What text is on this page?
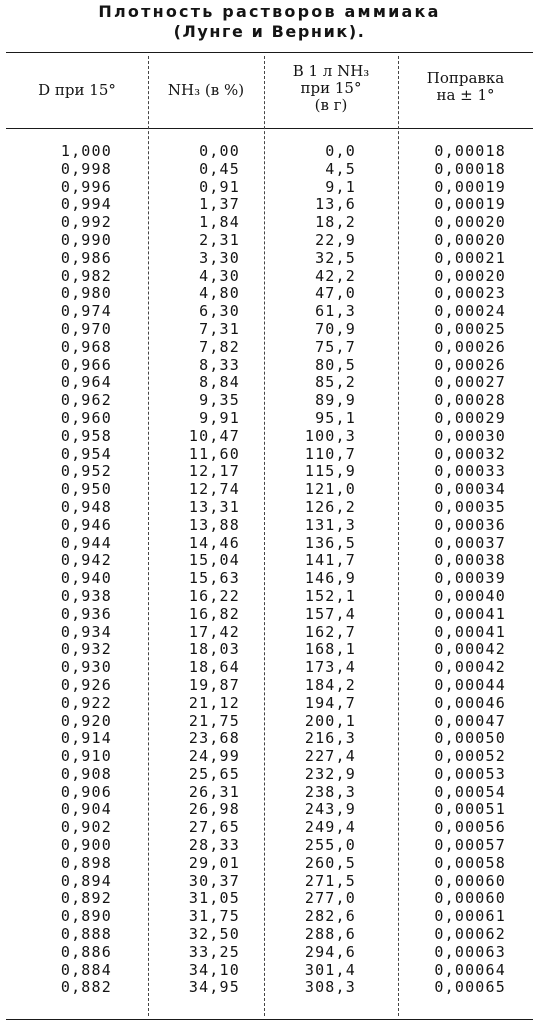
Плотность растворов аммиака
(Лунге и Верник).
D при 15°	NH₃ (в %)
В 1 л NH₃
при 15°
(в г)
Поправка
на ± 1°
1,000
0,998
0,996
0,994
0,992
0,990
0,986
0,982
0,980
0,974
0,970
0,968
0,966
0,964
0,962
0,960
0,958
0,954
0,952
0,950
0,948
0,946
0,944
0,942
0,940
0,938
0,936
0,934
0,932
0,930
0,926
0,922
0,920
0,914
0,910
0,908
0,906
0,904
0,902
0,900
0,898
0,894
0,892
0,890
0,888
0,886
0,884
0,882
0,00
0,45
0,91
1,37
1,84
2,31
3,30
4,30
4,80
6,30
7,31
7,82
8,33
8,84
9,35
9,91
10,47
11,60
12,17
12,74
13,31
13,88
14,46
15,04
15,63
16,22
16,82
17,42
18,03
18,64
19,87
21,12
21,75
23,68
24,99
25,65
26,31
26,98
27,65
28,33
29,01
30,37
31,05
31,75
32,50
33,25
34,10
34,95
0,0
4,5
9,1
13,6
18,2
22,9
32,5
42,2
47,0
61,3
70,9
75,7
80,5
85,2
89,9
95,1
100,3
110,7
115,9
121,0
126,2
131,3
136,5
141,7
146,9
152,1
157,4
162,7
168,1
173,4
184,2
194,7
200,1
216,3
227,4
232,9
238,3
243,9
249,4
255,0
260,5
271,5
277,0
282,6
288,6
294,6
301,4
308,3
0,00018
0,00018
0,00019
0,00019
0,00020
0,00020
0,00021
0,00020
0,00023
0,00024
0,00025
0,00026
0,00026
0,00027
0,00028
0,00029
0,00030
0,00032
0,00033
0,00034
0,00035
0,00036
0,00037
0,00038
0,00039
0,00040
0,00041
0,00041
0,00042
0,00042
0,00044
0,00046
0,00047
0,00050
0,00052
0,00053
0,00054
0,00051
0,00056
0,00057
0,00058
0,00060
0,00060
0,00061
0,00062
0,00063
0,00064
0,00065
